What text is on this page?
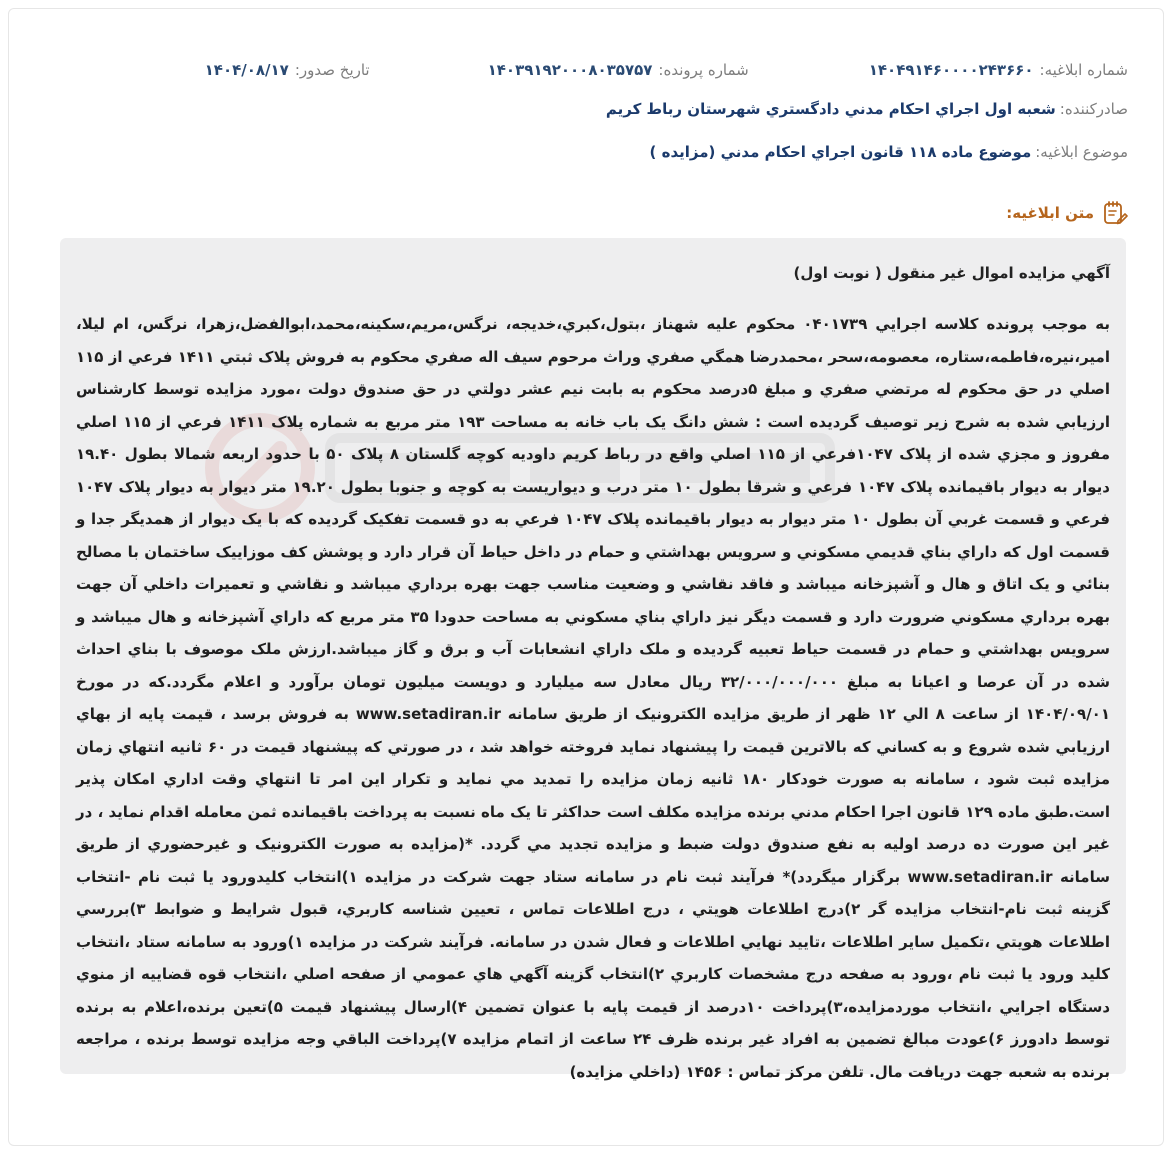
شماره ابلاغيه:
۱۴۰۴۹۱۴۶۰۰۰۰۲۴۳۶۶۰
شماره پرونده:
۱۴۰۳۹۱۹۲۰۰۰۸۰۳۵۷۵۷
تاريخ صدور:
۱۴۰۴/۰۸/۱۷
صادرکننده:
شعبه اول اجراي احكام مدني دادگستري شهرستان رباط كريم
موضوع ابلاغيه:
موضوع ماده ۱۱۸ قانون اجراي احکام مدني (مزايده )
متن ابلاغيه:
آگهي مزايده اموال غير منقول ( نوبت اول)
به موجب پرونده كلاسه اجرايي ۰۴۰۱۷۳۹ محكوم عليه شهناز ،بتول،كبري،خديجه، نرگس،مريم،سكينه،محمد،ابوالفضل،زهرا، نرگس، ام ليلا، امير،نيره،فاطمه،ستاره، معصومه،سحر ،محمدرضا همگي صفري وراث مرحوم سيف اله صفري محكوم به فروش پلاک ثبتي ۱۴۱۱ فرعي از ۱۱۵ اصلي در حق محكوم له مرتضي صفري و مبلغ ۵درصد محكوم به بابت نيم عشر دولتي در حق صندوق دولت ،مورد مزايده توسط كارشناس ارزيابي شده به شرح زير توصيف گرديده است : شش دانگ يک باب خانه به مساحت ۱۹۳ متر مربع به شماره پلاک ۱۴۱۱ فرعي از ۱۱۵ اصلي مفروز و مجزي شده از پلاک ۱۰۴۷فرعي از ۱۱۵ اصلي واقع در رباط كريم داوديه كوچه گلستان ۸ پلاک ۵۰ با حدود اربعه شمالا بطول ۱۹.۴۰ ديوار به ديوار باقيمانده پلاک ۱۰۴۷ فرعي و شرقا بطول ۱۰ متر درب و ديواريست به كوچه و جنوبا بطول ۱۹.۲۰ متر ديوار به ديوار پلاک ۱۰۴۷ فرعي و قسمت غربي آن بطول ۱۰ متر ديوار به ديوار باقيمانده پلاک ۱۰۴۷ فرعي به دو قسمت تفكيک گرديده كه با يک ديوار از همديگر جدا و قسمت اول كه داراي بناي قديمي مسكوني و سرويس بهداشتي و حمام در داخل حياط آن قرار دارد و پوشش كف موزاييک ساختمان با مصالح بنائي و يک اتاق و هال و آشپزخانه ميباشد و فاقد نقاشي و وضعيت مناسب جهت بهره برداري ميباشد و نقاشي و تعميرات داخلي آن جهت بهره برداري مسكوني ضرورت دارد و قسمت ديگر نيز داراي بناي مسكوني به مساحت حدودا ۳۵ متر مربع كه داراي آشپزخانه و هال ميباشد و سرويس بهداشتي و حمام در قسمت حياط تعبيه گرديده و ملک داراي انشعابات آب و برق و گاز ميباشد.ارزش ملک موصوف با بناي احداث شده در آن عرصا و اعيانا به مبلغ ۳۲/۰۰۰/۰۰۰/۰۰۰ ريال معادل سه ميليارد و دويست ميليون تومان برآورد و اعلام مگردد.كه در مورخ ۱۴۰۴/۰۹/۰۱ از ساعت ۸ الي ۱۲ ظهر از طريق مزايده الكترونيک از طريق سامانه www.setadiran.ir به فروش برسد ، قيمت پايه از بهاي ارزيابي شده شروع و به كساني كه بالاترين قيمت را پيشنهاد نمايد فروخته خواهد شد ، در صورتي كه پيشنهاد قيمت در ۶۰ ثانيه انتهاي زمان مزايده ثبت شود ، سامانه به صورت خودكار ۱۸۰ ثانيه زمان مزايده را تمديد مي نمايد و تكرار اين امر تا انتهاي وقت اداري امكان پذير است.طبق ماده ۱۲۹ قانون اجرا احكام مدني برنده مزايده مكلف است حداكثر تا يک ماه نسبت به پرداخت باقيمانده ثمن معامله اقدام نمايد ، در غير اين صورت ده درصد اوليه به نفع صندوق دولت ضبط و مزايده تجديد مي گردد. *(مزايده به صورت الكترونيک و غيرحضوري از طريق سامانه www.setadiran.ir برگزار ميگردد)* فرآيند ثبت نام در سامانه ستاد جهت شركت در مزايده ۱)انتخاب كليدورود يا ثبت نام -انتخاب گزينه ثبت نام-انتخاب مزايده گر ۲)درج اطلاعات هويتي ، درج اطلاعات تماس ، تعيين شناسه كاربري، قبول شرايط و ضوابط ۳)بررسي اطلاعات هويتي ،تكميل ساير اطلاعات ،تاييد نهايي اطلاعات و فعال شدن در سامانه. فرآيند شركت در مزايده ۱)ورود به سامانه ستاد ،انتخاب كليد ورود يا ثبت نام ،ورود به صفحه درج مشخصات كاربري ۲)انتخاب گزينه آگهي هاي عمومي از صفحه اصلي ،انتخاب قوه قضاييه از منوي دستگاه اجرايي ،انتخاب موردمزايده،۳)پرداخت ۱۰درصد از قيمت پايه با عنوان تضمين ۴)ارسال پيشنهاد قيمت ۵)تعين برنده،اعلام به برنده توسط دادورز ۶)عودت مبالغ تضمين به افراد غير برنده ظرف ۲۴ ساعت از اتمام مزايده ۷)پرداخت الباقي وجه مزايده توسط برنده ، مراجعه برنده به شعبه جهت دريافت مال. تلفن مركز تماس : ۱۴۵۶ (داخلي مزايده)
